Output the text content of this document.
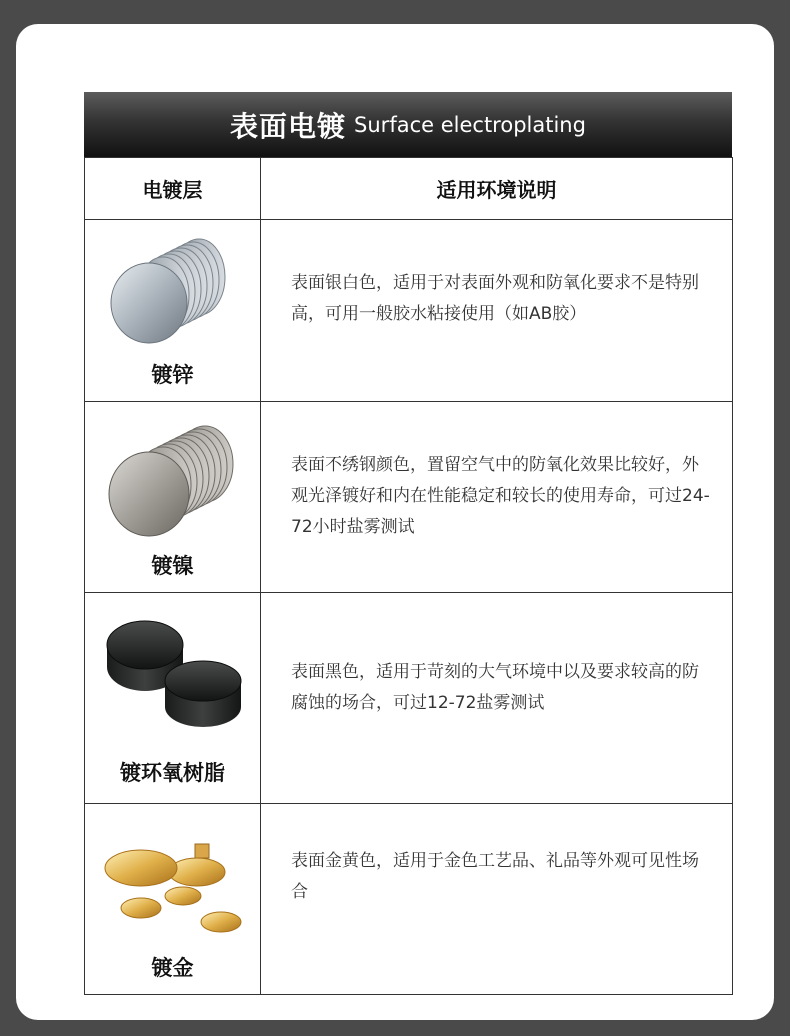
表面电镀 Surface electroplating
电镀层	适用环境说明

镀锌	表面银白色，适用于对表面外观和防氧化要求不是特别高，可用一般胶水粘接使用（如AB胶）

镀镍	表面不绣钢颜色，置留空气中的防氧化效果比较好，外观光泽镀好和内在性能稳定和较长的使用寿命，可过24-72小时盐雾测试

镀环氧树脂	表面黑色，适用于苛刻的大气环境中以及要求较高的防腐蚀的场合，可过12-72盐雾测试

镀金	表面金黄色，适用于金色工艺品、礼品等外观可见性场合
